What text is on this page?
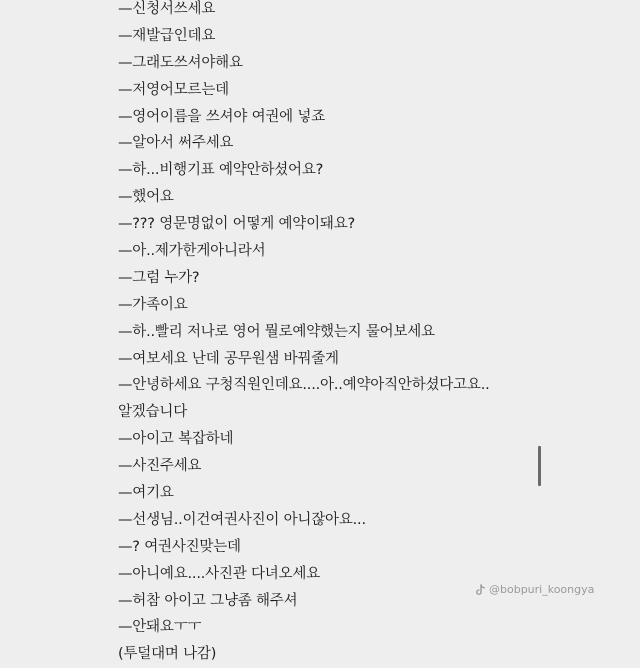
—신청서쓰세요
—재발급인데요
—그래도쓰셔야해요
—저영어모르는데
—영어이름을 쓰셔야 여권에 넣죠
—알아서 써주세요
—하...비행기표 예약안하셨어요?
—했어요
—??? 영문명없이 어떻게 예약이돼요?
—아..제가한게아니라서
—그럼 누가?
—가족이요
—하..빨리 저나로 영어 뭘로예약했는지 물어보세요
—여보세요 난데 공무원샘 바꿔줄게
—안녕하세요 구청직원인데요....아..예약아직안하셨다고요..
알겠습니다
—아이고 복잡하네
—사진주세요
—여기요
—선생님..이건여권사진이 아니잖아요...
—? 여권사진맞는데
—아니예요....사진관 다녀오세요
—허참 아이고 그냥좀 해주셔
—안돼요ㅜㅜ
(투덜대며 나감)
@bobpuri_koongya
